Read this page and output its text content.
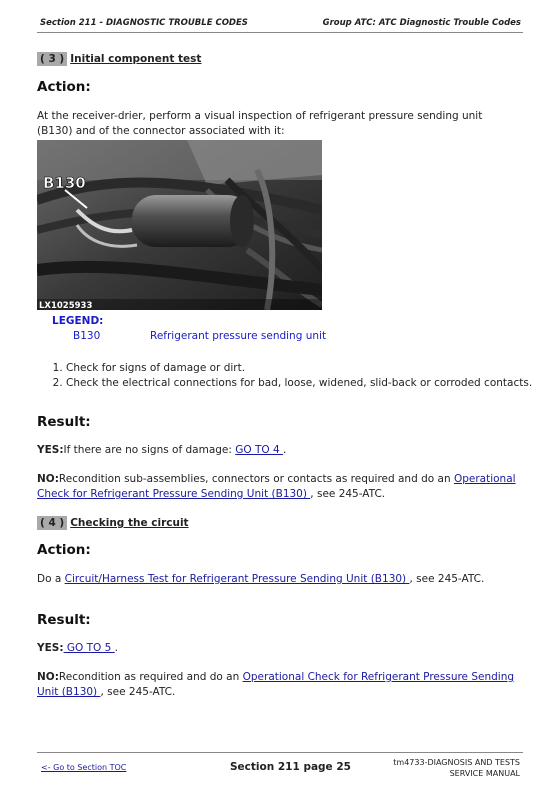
Section 211 - DIAGNOSTIC TROUBLE CODES	Group ATC: ATC Diagnostic Trouble Codes
( 3 ) Initial component test
Action:
At the receiver-drier, perform a visual inspection of refrigerant pressure sending unit (B130) and of the connector associated with it:
B130
LX1025933
LEGEND:
B130	Refrigerant pressure sending unit
1. Check for signs of damage or dirt.
2. Check the electrical connections for bad, loose, widened, slid-back or corroded contacts.
Result:
YES:If there are no signs of damage: GO TO 4 .
NO:Recondition sub-assemblies, connectors or contacts as required and do an Operational Check for Refrigerant Pressure Sending Unit (B130) , see 245-ATC.
( 4 ) Checking the circuit
Action:
Do a Circuit/Harness Test for Refrigerant Pressure Sending Unit (B130) , see 245-ATC.
Result:
YES: GO TO 5 .
NO:Recondition as required and do an Operational Check for Refrigerant Pressure Sending Unit (B130) , see 245-ATC.
<- Go to Section TOC	Section 211 page 25	tm4733-DIAGNOSIS AND TESTS
SERVICE MANUAL
